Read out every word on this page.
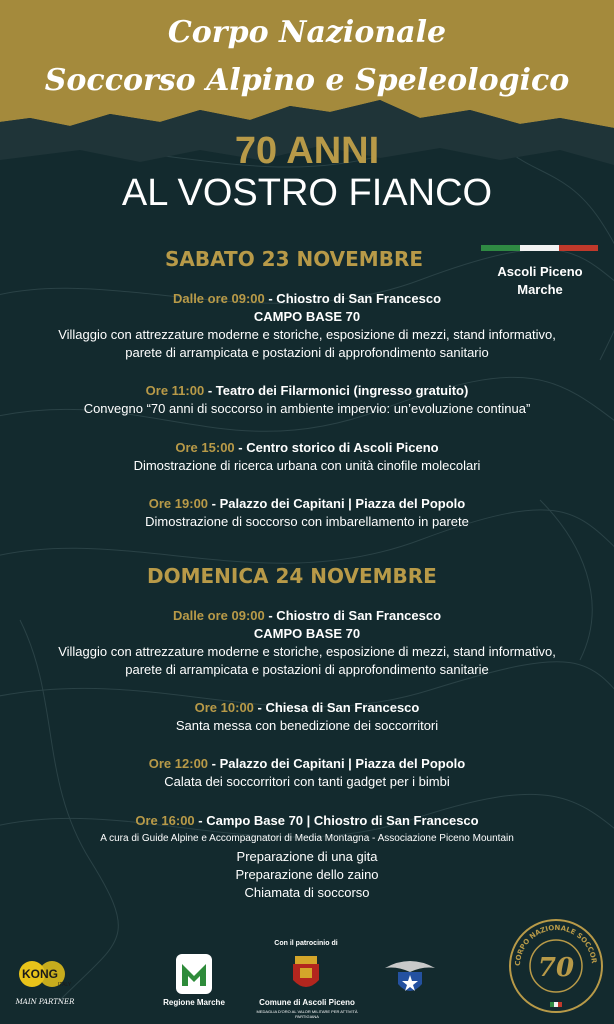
Corpo Nazionale
Soccorso Alpino e Speleologico
70 ANNI
AL VOSTRO FIANCO
Ascoli Piceno
Marche
SABATO 23 NOVEMBRE
Dalle ore 09:00 - Chiostro di San Francesco
CAMPO BASE 70
Villaggio con attrezzature moderne e storiche, esposizione di mezzi, stand informativo,
parete di arrampicata e postazioni di approfondimento sanitario
Ore 11:00 - Teatro dei Filarmonici (ingresso gratuito)
Convegno “70 anni di soccorso in ambiente impervio: un’evoluzione continua”
Ore 15:00 - Centro storico di Ascoli Piceno
Dimostrazione di ricerca urbana con unità cinofile molecolari
Ore 19:00 - Palazzo dei Capitani | Piazza del Popolo
Dimostrazione di soccorso con imbarellamento in parete
DOMENICA 24 NOVEMBRE
Dalle ore 09:00 - Chiostro di San Francesco
CAMPO BASE 70
Villaggio con attrezzature moderne e storiche, esposizione di mezzi, stand informativo,
parete di arrampicata e postazioni di approfondimento sanitarie
Ore 10:00 - Chiesa di San Francesco
Santa messa con benedizione dei soccorritori
Ore 12:00 - Palazzo dei Capitani | Piazza del Popolo
Calata dei soccorritori con tanti gadget per i bimbi
Ore 16:00 - Campo Base 70 | Chiostro di San Francesco
A cura di Guide Alpine e Accompagnatori di Media Montagna - Associazione Piceno Mountain
Preparazione di una gita
Preparazione dello zaino
Chiamata di soccorso
KONG
ITALY
MAIN PARTNER	Regione Marche
Con il patrocinio di
Comune di Ascoli Piceno
MEDAGLIA D'ORO AL VALOR MILITARE PER ATTIVITÀ PARTIGIANA
CORPO NAZIONALE SOCCOR
70
